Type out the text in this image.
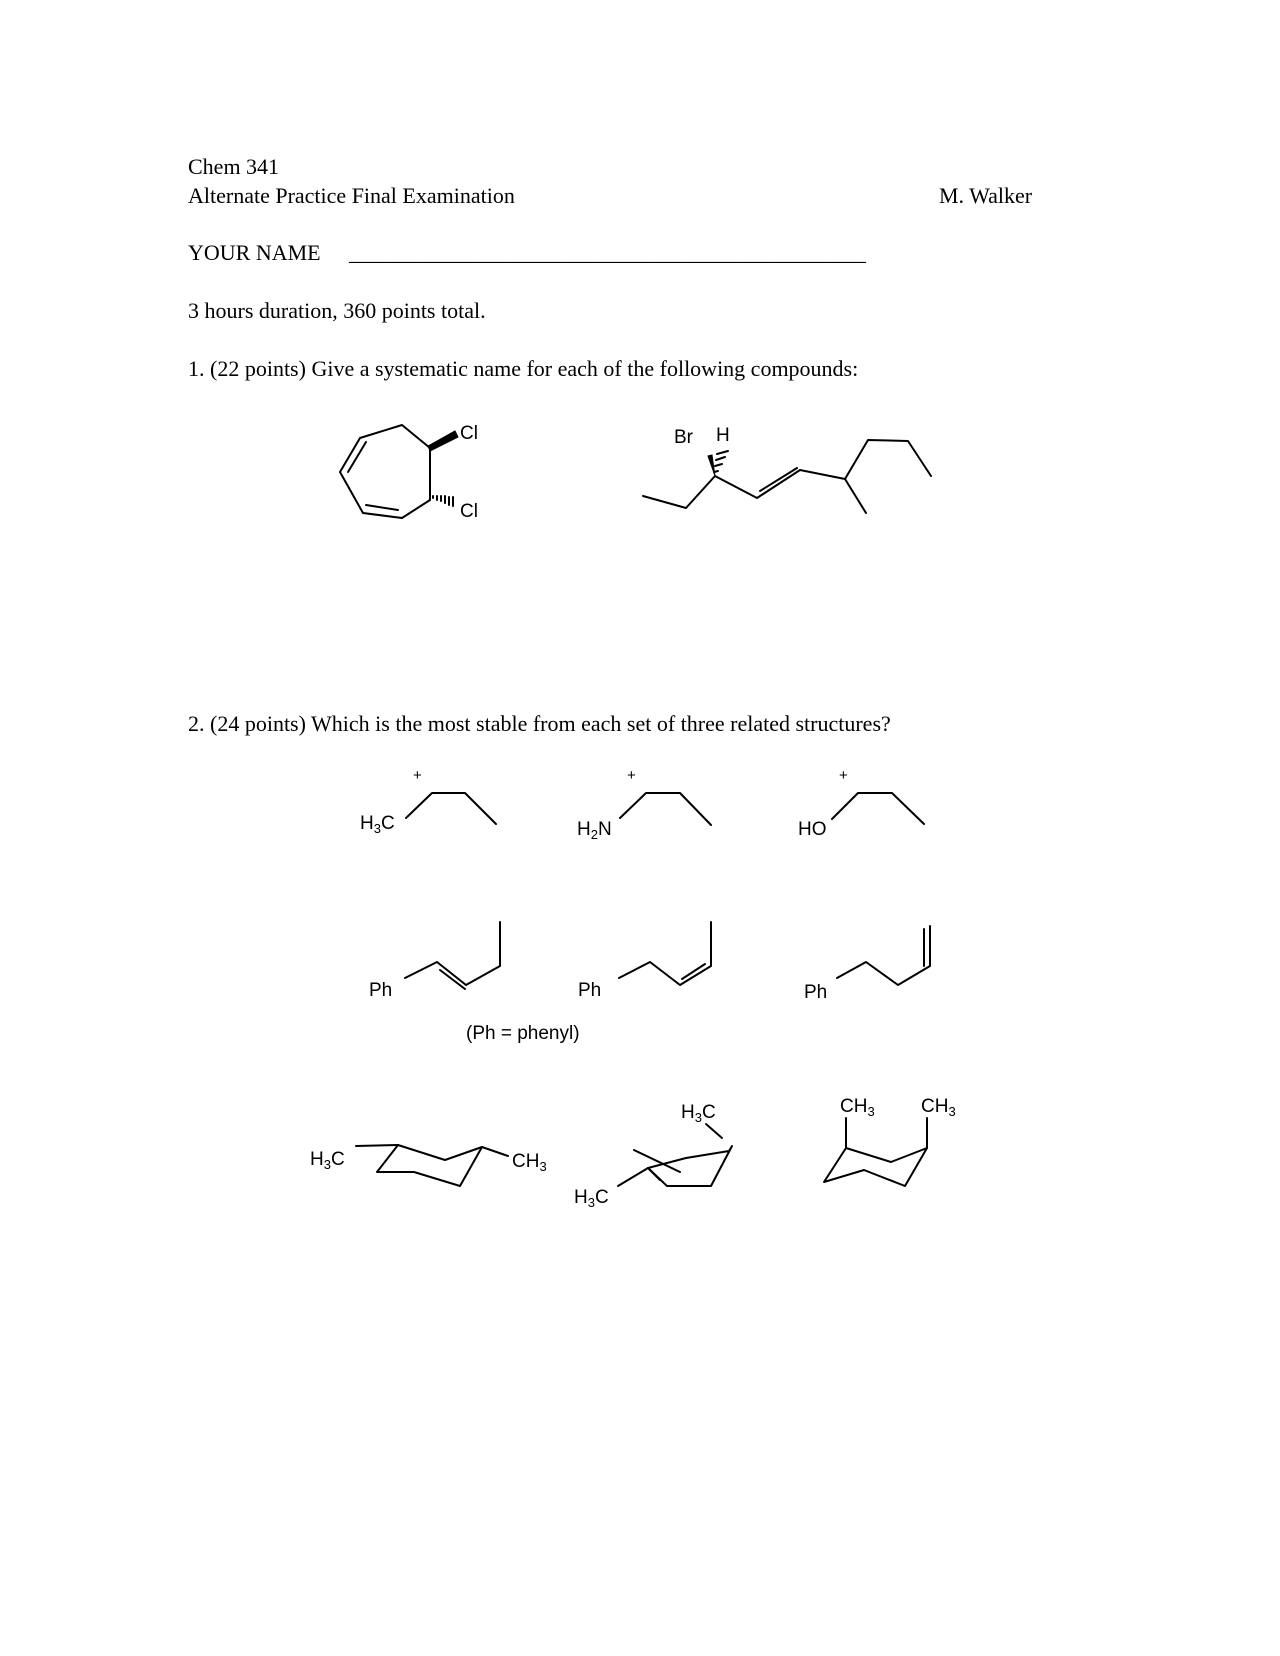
Chem 341
Alternate Practice Final Examination	M. Walker
YOUR NAME _______________________________________________
3 hours duration, 360 points total.
1. (22 points) Give a systematic name for each of the following compounds:
2. (24 points) Which is the most stable from each set of three related structures?
Cl
Cl
Br H
+
$H_3C$
+
$H_2N$
+
HO
Ph	Ph	Ph
(Ph = phenyl)
$H_3C$	$CH_3$
$H_3C$
$H_3C$
$CH_3$ $CH_3$
